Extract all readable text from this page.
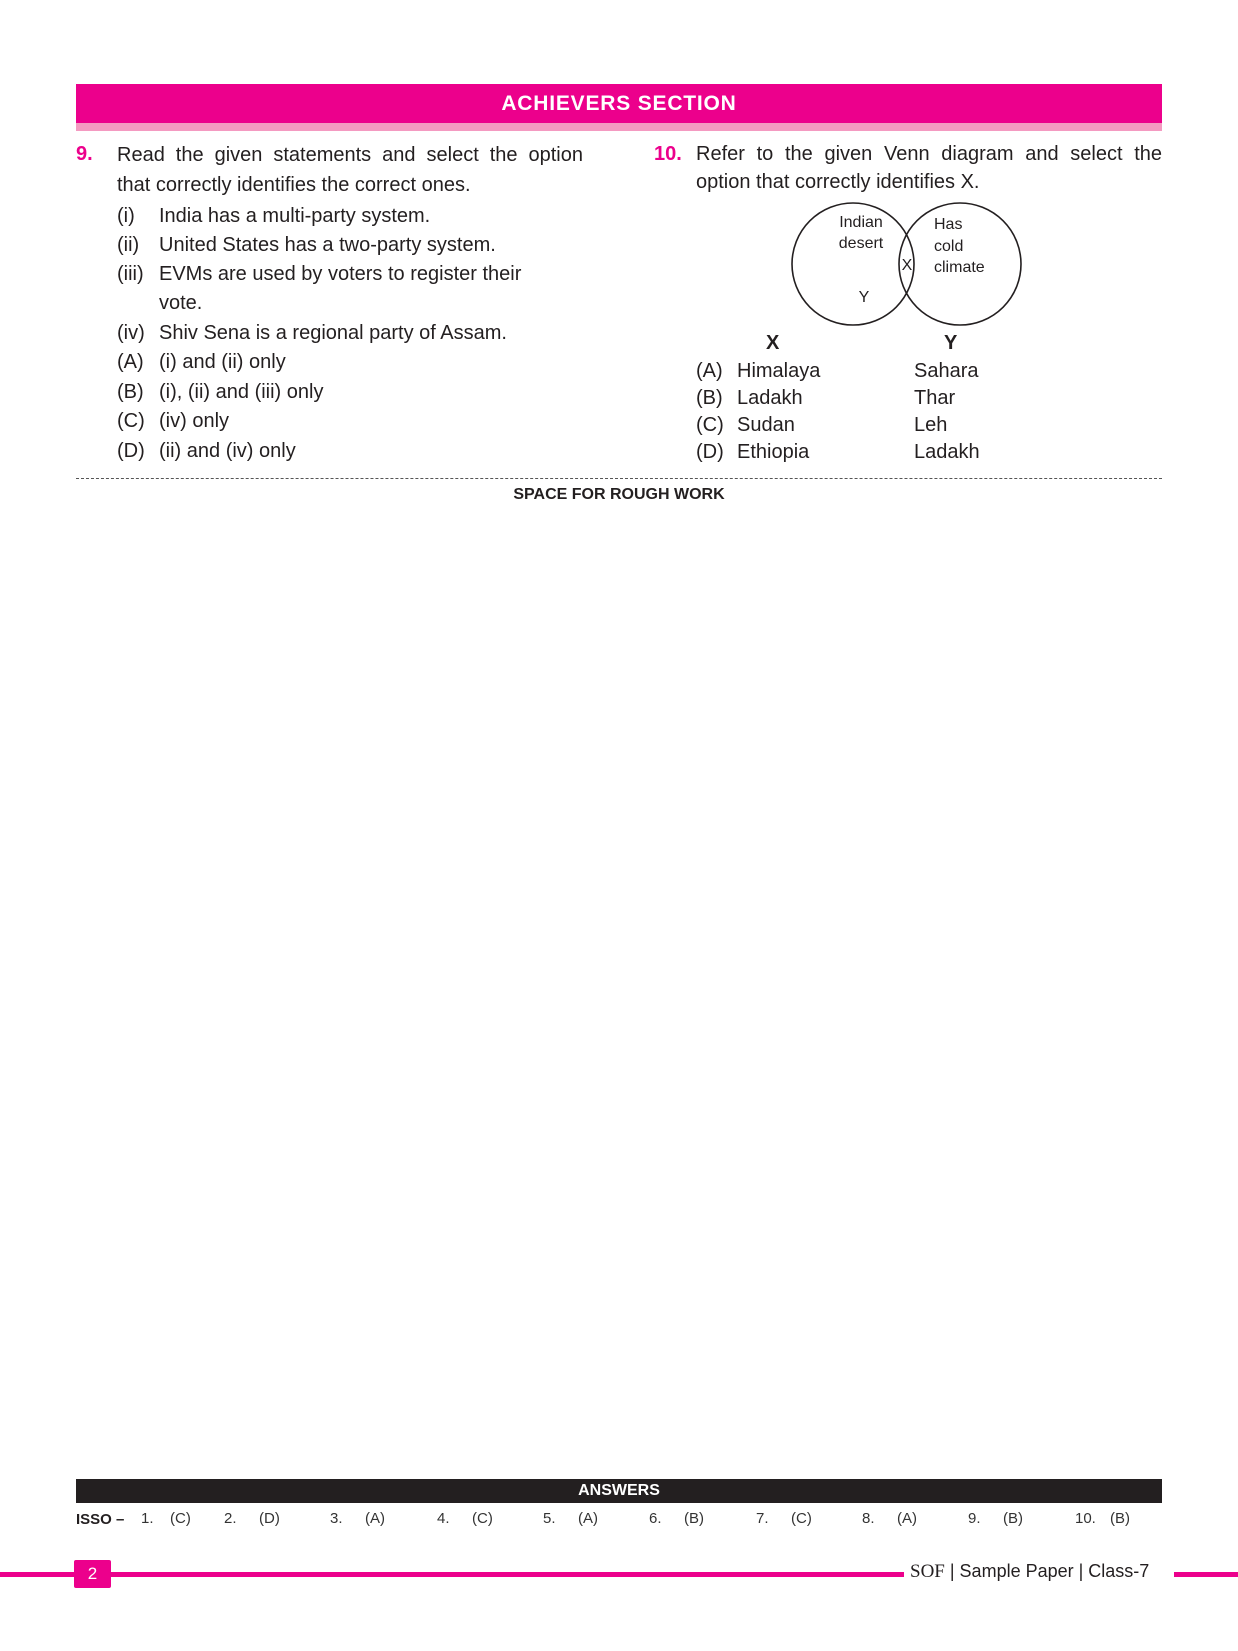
ACHIEVERS SECTION
9. Read the given statements and select the option that correctly identifies the correct ones.
(i) India has a multi-party system.
(ii) United States has a two-party system.
(iii) EVMs are used by voters to register their
vote.
(iv) Shiv Sena is a regional party of Assam.
(A) (i) and (ii) only
(B) (i), (ii) and (iii) only
(C) (iv) only
(D) (ii) and (iv) only
10. Refer to the given Venn diagram and select the option that correctly identifies X.
Indian
desert
Has
cold
climate
X
Y
X	Y
(A) Himalaya	Sahara
(B) Ladakh	Thar
(C) Sudan	Leh
(D) Ethiopia	Ladakh
SPACE FOR ROUGH WORK
ANSWERS
ISSO – 1. (C) 2. (D)	3. (A)	4. (C)	5. (A)	6. (B)	7. (C)	8. (A)	9. (B)	10. (B)
2	SOF | Sample Paper | Class-7
